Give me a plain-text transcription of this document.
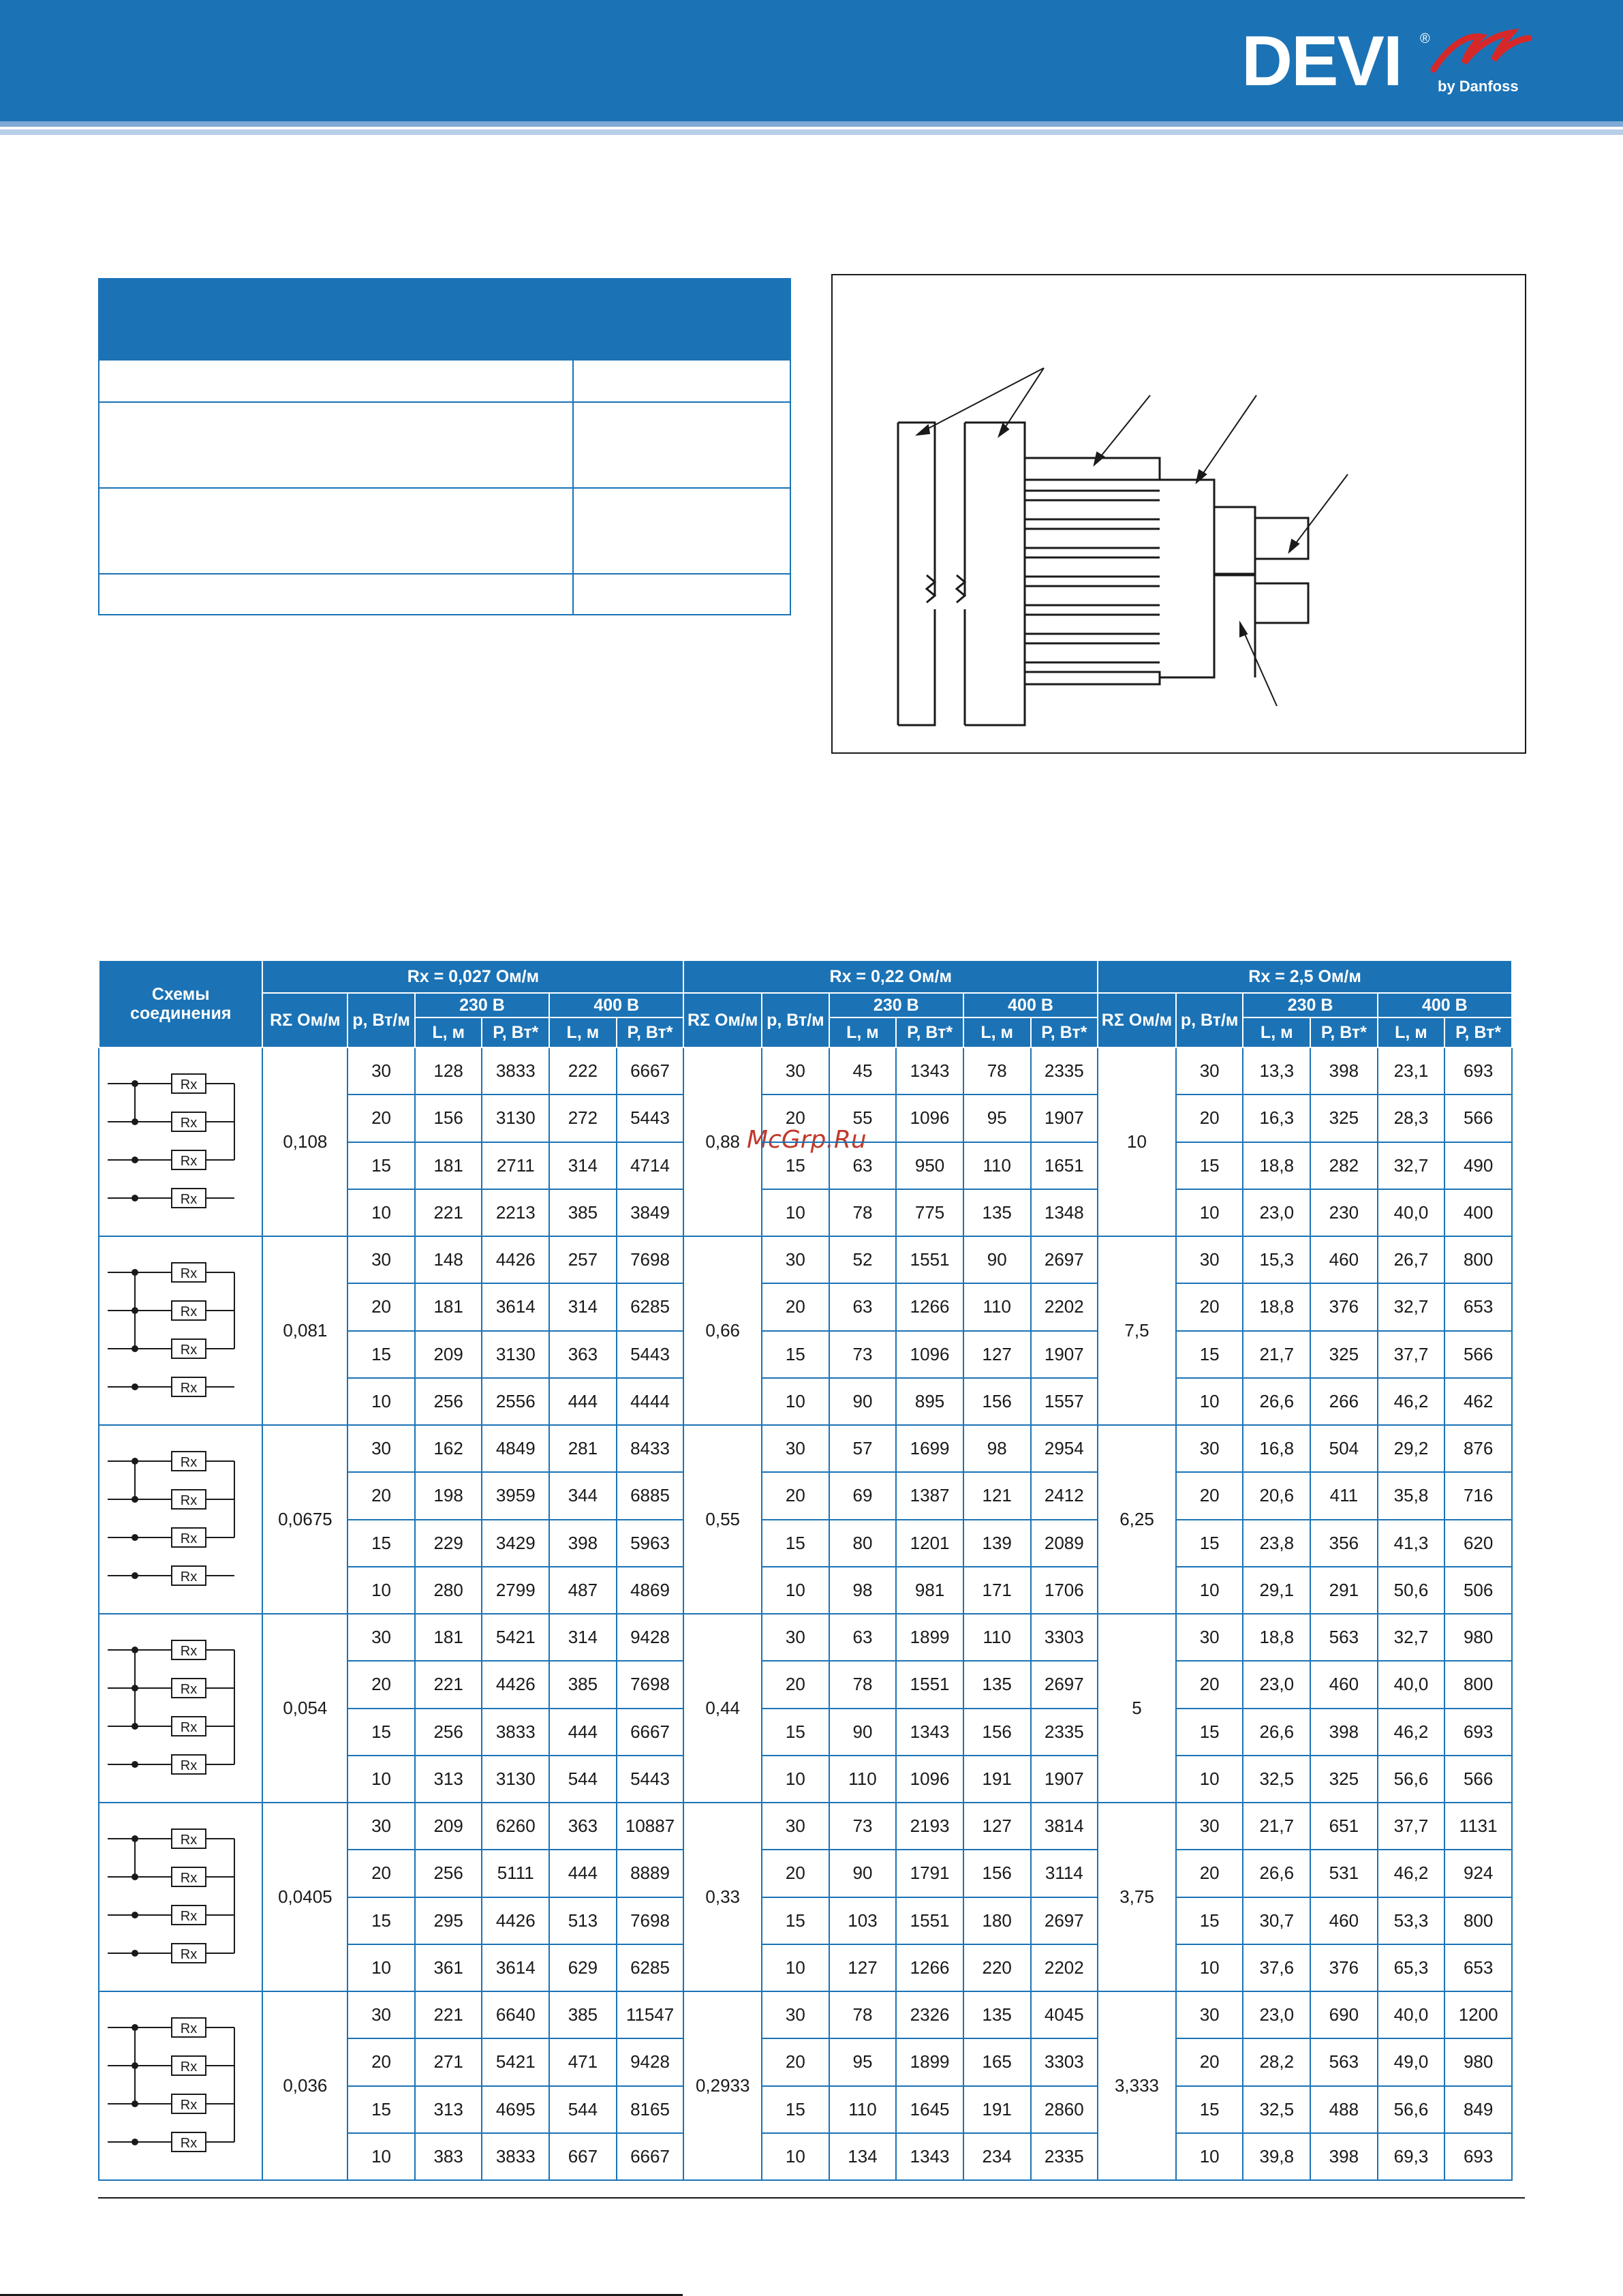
DEVI ®
by Danfoss

McGrp.Ru
Схемы соединения	Rx = 0,027 Ом/м						Rx = 0,22 Ом/м						Rx = 2,5 Ом/м					
	RΣ Ом/м	p, Вт/м	230 В		400 В		RΣ Ом/м	p, Вт/м	230 В		400 В		RΣ Ом/м	p, Вт/м	230 В		400 В	
			L, м	P, Вт*	L, м	P, Вт*			L, м	P, Вт*	L, м	P, Вт*			L, м	P, Вт*	L, м	P, Вт*

Rx
Rx
Rx
Rx	0,108	30	128	3833	222	6667	0,88	30	45	1343	78	2335	10	30	13,3	398	23,1	693
		20	156	3130	272	5443		20	55	1096	95	1907		20	16,3	325	28,3	566
		15	181	2711	314	4714		15	63	950	110	1651		15	18,8	282	32,7	490
		10	221	2213	385	3849		10	78	775	135	1348		10	23,0	230	40,0	400

Rx
Rx
Rx
Rx	0,081	30	148	4426	257	7698	0,66	30	52	1551	90	2697	7,5	30	15,3	460	26,7	800
		20	181	3614	314	6285		20	63	1266	110	2202		20	18,8	376	32,7	653
		15	209	3130	363	5443		15	73	1096	127	1907		15	21,7	325	37,7	566
		10	256	2556	444	4444		10	90	895	156	1557		10	26,6	266	46,2	462

Rx
Rx
Rx
Rx	0,0675	30	162	4849	281	8433	0,55	30	57	1699	98	2954	6,25	30	16,8	504	29,2	876
		20	198	3959	344	6885		20	69	1387	121	2412		20	20,6	411	35,8	716
		15	229	3429	398	5963		15	80	1201	139	2089		15	23,8	356	41,3	620
		10	280	2799	487	4869		10	98	981	171	1706		10	29,1	291	50,6	506

Rx
Rx
Rx
Rx	0,054	30	181	5421	314	9428	0,44	30	63	1899	110	3303	5	30	18,8	563	32,7	980
		20	221	4426	385	7698		20	78	1551	135	2697		20	23,0	460	40,0	800
		15	256	3833	444	6667		15	90	1343	156	2335		15	26,6	398	46,2	693
		10	313	3130	544	5443		10	110	1096	191	1907		10	32,5	325	56,6	566

Rx
Rx
Rx
Rx	0,0405	30	209	6260	363	10887	0,33	30	73	2193	127	3814	3,75	30	21,7	651	37,7	1131
		20	256	5111	444	8889		20	90	1791	156	3114		20	26,6	531	46,2	924
		15	295	4426	513	7698		15	103	1551	180	2697		15	30,7	460	53,3	800
		10	361	3614	629	6285		10	127	1266	220	2202		10	37,6	376	65,3	653

Rx
Rx
Rx
Rx	0,036	30	221	6640	385	11547	0,2933	30	78	2326	135	4045	3,333	30	23,0	690	40,0	1200
		20	271	5421	471	9428		20	95	1899	165	3303		20	28,2	563	49,0	980
		15	313	4695	544	8165		15	110	1645	191	2860		15	32,5	488	56,6	849
		10	383	3833	667	6667		10	134	1343	234	2335		10	39,8	398	69,3	693
